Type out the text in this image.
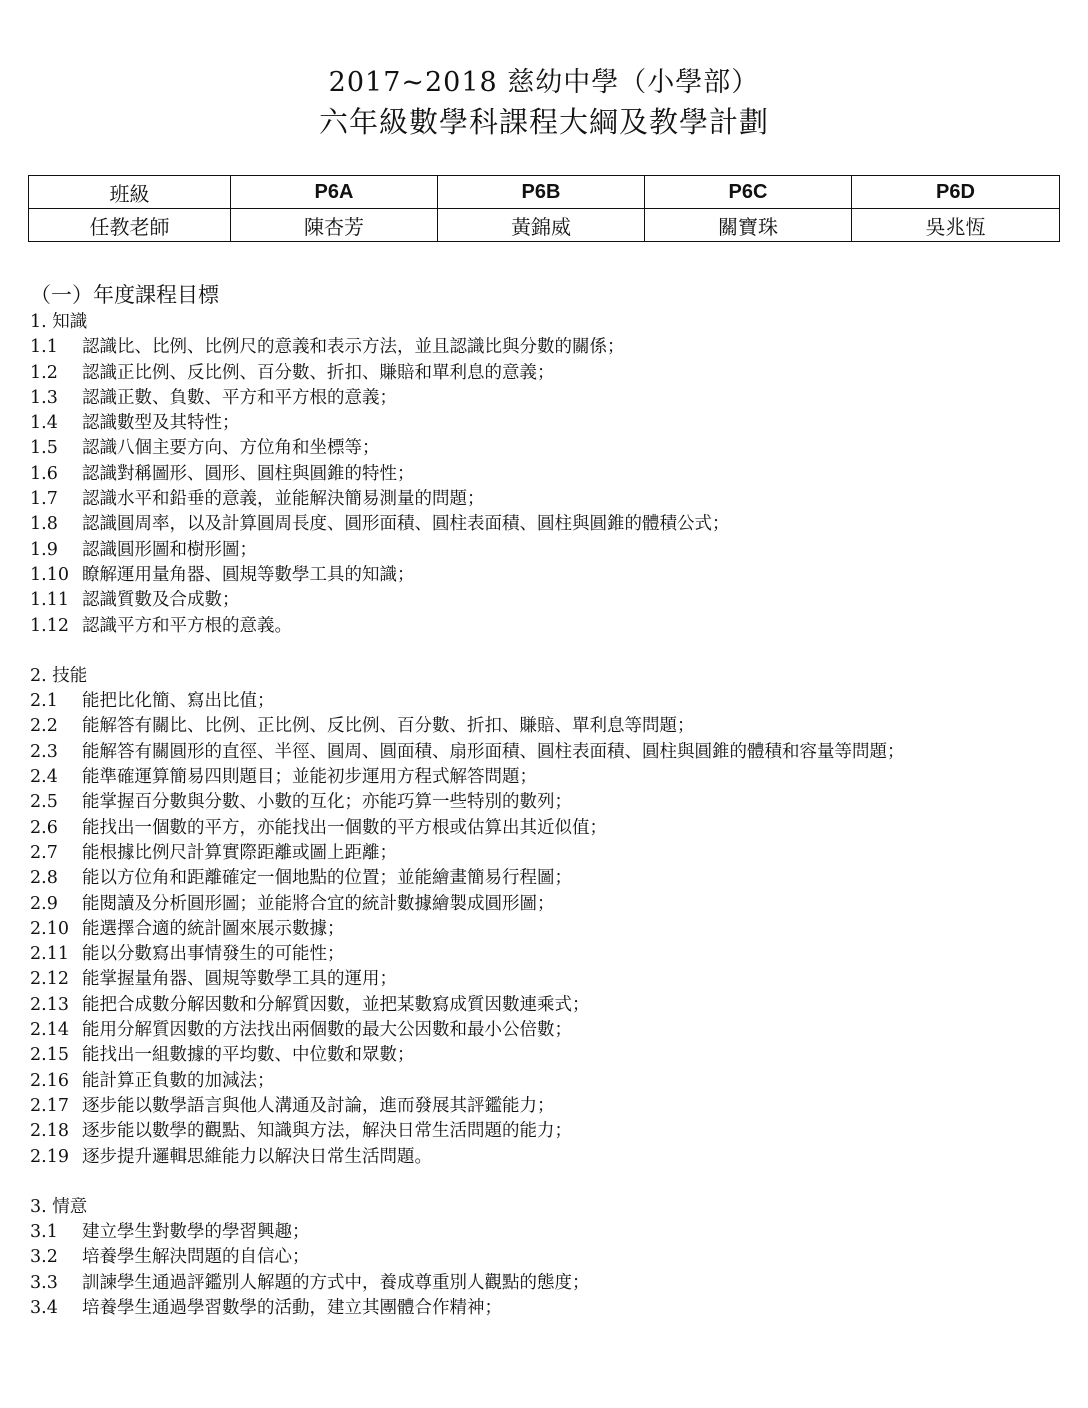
2017~2018 慈幼中學（小學部）
六年級數學科課程大綱及教學計劃
班級	P6A	P6B	P6C	P6D
任教老師	陳杏芳	黃錦威	關寶珠	吳兆恆
（一）年度課程目標
1. 知識
1.1 認識比、比例、比例尺的意義和表示方法，並且認識比與分數的關係；
1.2 認識正比例、反比例、百分數、折扣、賺賠和單利息的意義；
1.3 認識正數、負數、平方和平方根的意義；
1.4 認識數型及其特性；
1.5 認識八個主要方向、方位角和坐標等；
1.6 認識對稱圖形、圓形、圓柱與圓錐的特性；
1.7 認識水平和鉛垂的意義，並能解決簡易測量的問題；
1.8 認識圓周率，以及計算圓周長度、圓形面積、圓柱表面積、圓柱與圓錐的體積公式；
1.9 認識圓形圖和樹形圖；
1.10 瞭解運用量角器、圓規等數學工具的知識；
1.11 認識質數及合成數；
1.12 認識平方和平方根的意義。
2. 技能
2.1 能把比化簡、寫出比值；
2.2 能解答有關比、比例、正比例、反比例、百分數、折扣、賺賠、單利息等問題；
2.3 能解答有關圓形的直徑、半徑、圓周、圓面積、扇形面積、圓柱表面積、圓柱與圓錐的體積和容量等問題；
2.4 能準確運算簡易四則題目；並能初步運用方程式解答問題；
2.5 能掌握百分數與分數、小數的互化；亦能巧算一些特別的數列；
2.6 能找出一個數的平方，亦能找出一個數的平方根或估算出其近似值；
2.7 能根據比例尺計算實際距離或圖上距離；
2.8 能以方位角和距離確定一個地點的位置；並能繪畫簡易行程圖；
2.9 能閱讀及分析圓形圖；並能將合宜的統計數據繪製成圓形圖；
2.10 能選擇合適的統計圖來展示數據；
2.11 能以分數寫出事情發生的可能性；
2.12 能掌握量角器、圓規等數學工具的運用；
2.13 能把合成數分解因數和分解質因數，並把某數寫成質因數連乘式；
2.14 能用分解質因數的方法找出兩個數的最大公因數和最小公倍數；
2.15 能找出一組數據的平均數、中位數和眾數；
2.16 能計算正負數的加減法；
2.17 逐步能以數學語言與他人溝通及討論，進而發展其評鑑能力；
2.18 逐步能以數學的觀點、知識與方法，解決日常生活問題的能力；
2.19 逐步提升邏輯思維能力以解決日常生活問題。
3. 情意
3.1 建立學生對數學的學習興趣；
3.2 培養學生解決問題的自信心；
3.3 訓諫學生通過評鑑別人解題的方式中，養成尊重別人觀點的態度；
3.4 培養學生通過學習數學的活動，建立其團體合作精神；
